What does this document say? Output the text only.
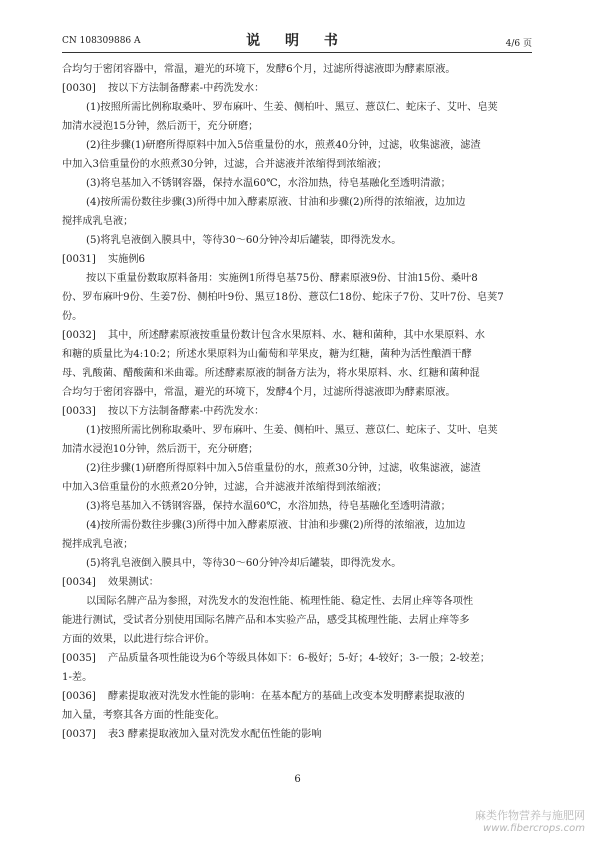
CN 108309886 A	说 明 书	4/6 页

合均匀于密闭容器中，常温，避光的环境下，发酵6个月，过滤所得滤液即为酵素原液。

[0030] 按以下方法制备酵素-中药洗发水：

(1)按照所需比例称取桑叶、罗布麻叶、生姜、侧柏叶、黑豆、薏苡仁、蛇床子、艾叶、皂荚

加清水浸泡15分钟，然后沥干，充分研磨；

(2)往步骤(1)研磨所得原料中加入5倍重量份的水，煎煮40分钟，过滤，收集滤液，滤渣

中加入3倍重量份的水煎煮30分钟，过滤，合并滤液并浓缩得到浓缩液；

(3)将皂基加入不锈钢容器，保持水温60℃，水浴加热，待皂基融化至透明清澈；

(4)按所需份数往步骤(3)所得中加入酵素原液、甘油和步骤(2)所得的浓缩液，边加边

搅拌成乳皂液；

(5)将乳皂液倒入膜具中，等待30～60分钟冷却后罐装，即得洗发水。

[0031] 实施例6

按以下重量份数取原料备用：实施例1所得皂基75份、酵素原液9份、甘油15份、桑叶8

份、罗布麻叶9份、生姜7份、侧柏叶9份、黑豆18份、薏苡仁18份、蛇床子7份、艾叶7份、皂荚7

份。

[0032] 其中，所述酵素原液按重量份数计包含水果原料、水、糖和菌种，其中水果原料、水

和糖的质量比为4:10:2；所述水果原料为山葡萄和苹果皮，糖为红糖，菌种为活性酿酒干酵

母、乳酸菌、醋酸菌和米曲霉。所述酵素原液的制备方法为，将水果原料、水、红糖和菌种混

合均匀于密闭容器中，常温，避光的环境下，发酵4个月，过滤所得滤液即为酵素原液。

[0033] 按以下方法制备酵素-中药洗发水：

(1)按照所需比例称取桑叶、罗布麻叶、生姜、侧柏叶、黑豆、薏苡仁、蛇床子、艾叶、皂荚

加清水浸泡10分钟，然后沥干，充分研磨；

(2)往步骤(1)研磨所得原料中加入5倍重量份的水，煎煮30分钟，过滤，收集滤液，滤渣

中加入3倍重量份的水煎煮20分钟，过滤，合并滤液并浓缩得到浓缩液；

(3)将皂基加入不锈钢容器，保持水温60℃，水浴加热，待皂基融化至透明清澈；

(4)按所需份数往步骤(3)所得中加入酵素原液、甘油和步骤(2)所得的浓缩液，边加边

搅拌成乳皂液；

(5)将乳皂液倒入膜具中，等待30～60分钟冷却后罐装，即得洗发水。

[0034] 效果测试：

以国际名牌产品为参照，对洗发水的发泡性能、梳理性能、稳定性、去屑止痒等各项性

能进行测试，受试者分别使用国际名牌产品和本实验产品，感受其梳理性能、去屑止痒等多

方面的效果，以此进行综合评价。

[0035] 产品质量各项性能设为6个等级具体如下：6-极好；5-好；4-较好；3-一般；2-较差；

1-差。

[0036] 酵素提取液对洗发水性能的影响：在基本配方的基础上改变本发明酵素提取液的

加入量，考察其各方面的性能变化。

[0037] 表3 酵素提取液加入量对洗发水配伍性能的影响

6
麻类作物营养与施肥网
www.fibercrops.com
